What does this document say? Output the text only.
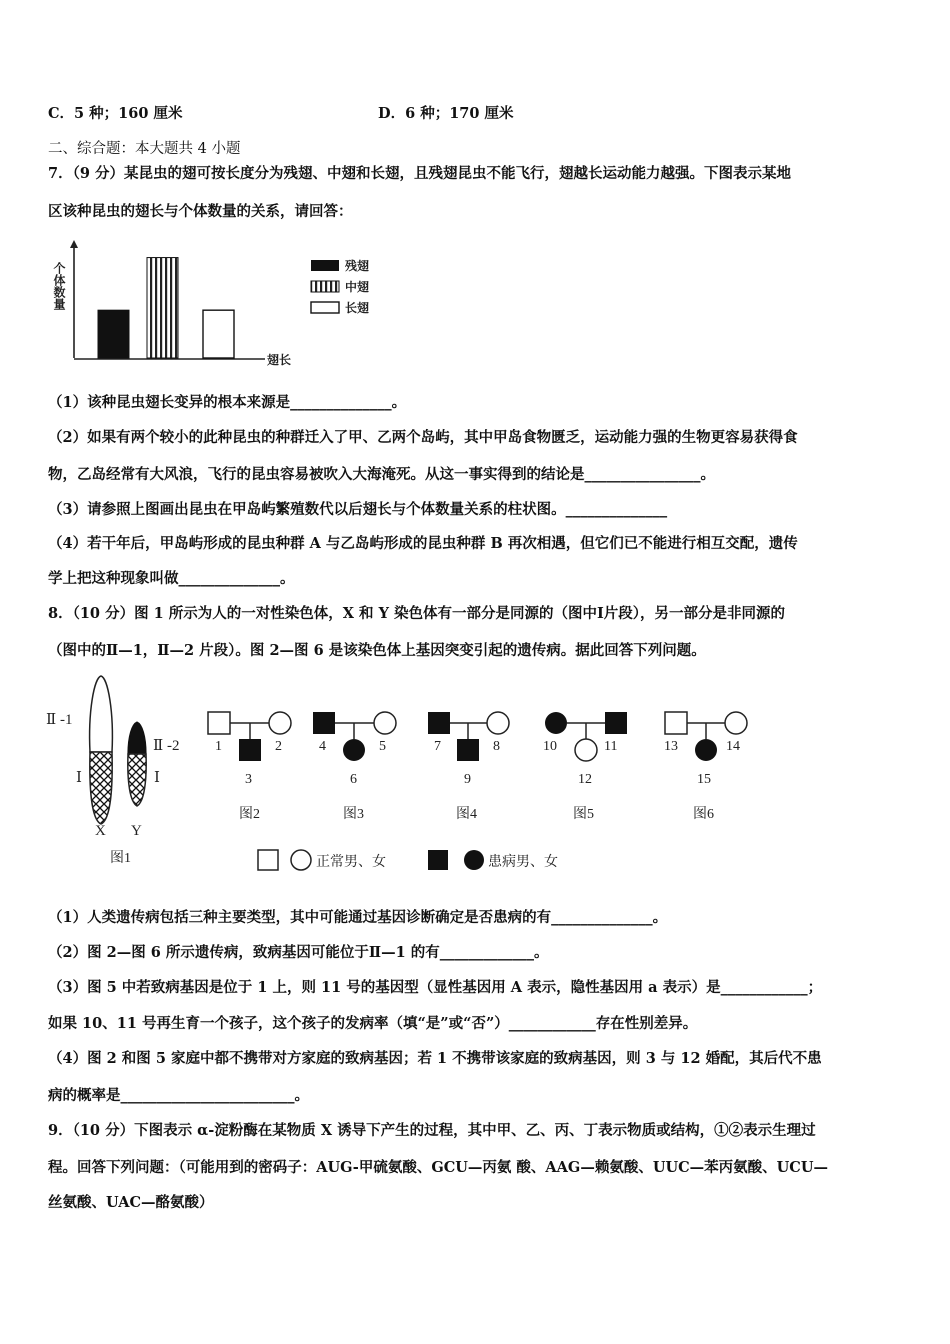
C．5 种；160 厘米	D．6 种；170 厘米
二、综合题：本大题共 4 小题
7．（9 分）某昆虫的翅可按长度分为残翅、中翅和长翅，且残翅昆虫不能飞行，翅越长运动能力越强。下图表示某地
区该种昆虫的翅长与个体数量的关系，请回答：
个体数量
翅长
残翅
中翅
长翅
（1）该种昆虫翅长变异的根本来源是______________。
（2）如果有两个较小的此种昆虫的种群迁入了甲、乙两个岛屿，其中甲岛食物匮乏，运动能力强的生物更容易获得食
物，乙岛经常有大风浪，飞行的昆虫容易被吹入大海淹死。从这一事实得到的结论是________________。
（3）请参照上图画出昆虫在甲岛屿繁殖数代以后翅长与个体数量关系的柱状图。______________
（4）若干年后，甲岛屿形成的昆虫种群 A 与乙岛屿形成的昆虫种群 B 再次相遇，但它们已不能进行相互交配，遗传
学上把这种现象叫做______________。
8．（10 分）图 1 所示为人的一对性染色体，X 和 Y 染色体有一部分是同源的（图中Ⅰ片段），另一部分是非同源的
（图中的Ⅱ—1，Ⅱ—2 片段）。图 2—图 6 是该染色体上基因突变引起的遗传病。据此回答下列问题。
Ⅱ -1
Ⅱ -2
Ⅰ	Ⅰ
X Y
图1
1	2
3
图2
4	5
6
图3
7	8
9
图4
10	11
12
图5
13	14
15
图6
正常男、女	患病男、女
（1）人类遗传病包括三种主要类型，其中可能通过基因诊断确定是否患病的有______________。
（2）图 2—图 6 所示遗传病，致病基因可能位于Ⅱ—1 的有_____________。
（3）图 5 中若致病基因是位于 1 上，则 11 号的基因型（显性基因用 A 表示，隐性基因用 a 表示）是____________；
如果 10、11 号再生育一个孩子，这个孩子的发病率（填“是”或“否”）____________存在性别差异。
（4）图 2 和图 5 家庭中都不携带对方家庭的致病基因；若 1 不携带该家庭的致病基因，则 3 与 12 婚配，其后代不患
病的概率是________________________。
9．（10 分）下图表示 α-淀粉酶在某物质 X 诱导下产生的过程，其中甲、乙、丙、丁表示物质或结构，①②表示生理过
程。回答下列问题：（可能用到的密码子：AUG-甲硫氨酸、GCU—丙氨 酸、AAG—赖氨酸、UUC—苯丙氨酸、UCU—
丝氨酸、UAC—酪氨酸）
